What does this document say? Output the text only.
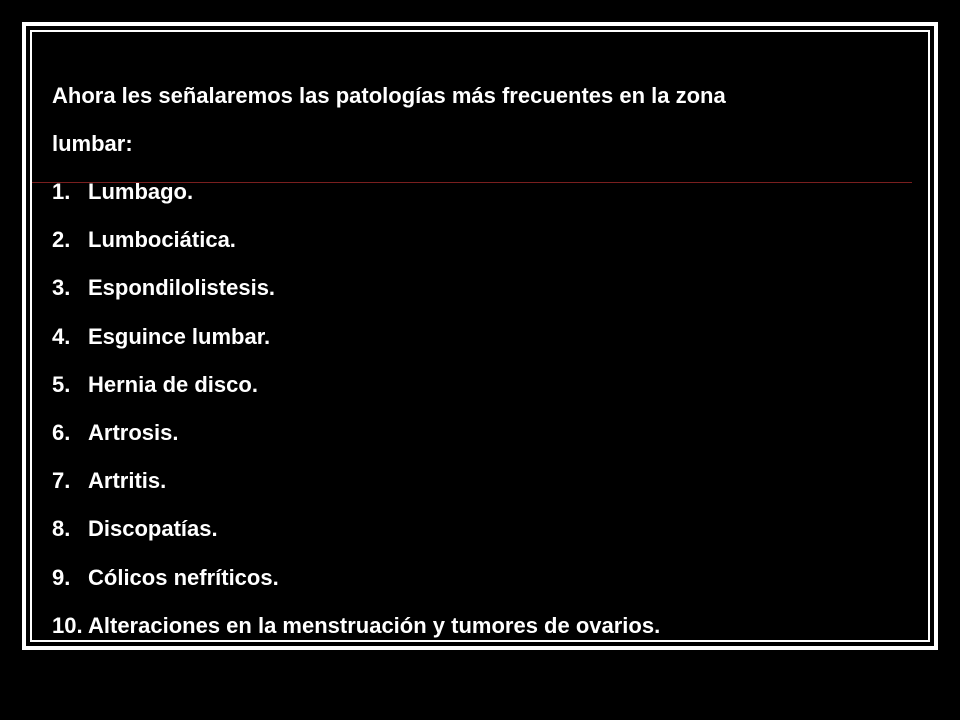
Ahora les señalaremos las patologías más frecuentes en la zona
lumbar:

1. Lumbago.
2. Lumbociática.
3. Espondilolistesis.
4. Esguince lumbar.
5. Hernia de disco.
6. Artrosis.
7. Artritis.
8. Discopatías.
9. Cólicos nefríticos.
10. Alteraciones en la menstruación y tumores de ovarios.
